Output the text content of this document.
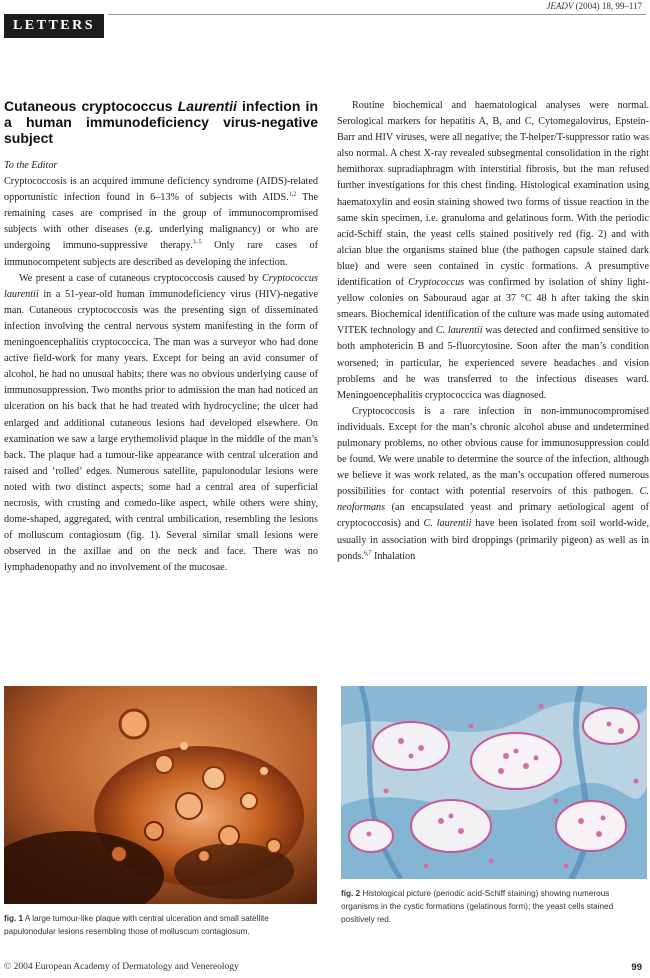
LETTERS
JEADV (2004) 18, 99–117
Cutaneous cryptococcus Laurentii infection in a human immunodeficiency virus-negative subject

To the Editor

Cryptococcosis is an acquired immune deficiency syndrome (AIDS)-related opportunistic infection found in 6–13% of subjects with AIDS.$^{1,2}$ The remaining cases are comprised in the group of immunocompromised subjects with other diseases (e.g. underlying malignancy) or who are undergoing immuno-suppressive therapy.$^{3-5}$ Only rare cases of immunocompetent subjects are described as developing the infection.

We present a case of cutaneous cryptococcosis caused by Cryptococcus laurentii in a 51-year-old human immunodeficiency virus (HIV)-negative man. Cutaneous cryptococcosis was the presenting sign of disseminated infection involving the central nervous system manifesting in the form of meningoencephalitis cryptococcica. The man was a surveyor who had done active field-work for many years. Except for being an avid consumer of alcohol, he had no unusual habits; there was no obvious underlying cause of immunosuppression. Two months prior to admission the man had noticed an ulceration on his back that he had treated with hydrocycline; the ulcer had enlarged and additional cutaneous lesions had developed elsewhere. On examination we saw a large erythemolivid plaque in the middle of the man’s back. The plaque had a tumour-like appearance with central ulceration and raised and ‘rolled’ edges. Numerous satellite, papulonodular lesions were noted with two distinct aspects; some had a central area of superficial necrosis, with crusting and comedo-like aspect, while others were shiny, dome-shaped, aggregated, with central umbilication, resembling the lesions of molluscum contagiosum (fig. 1). Several similar small lesions were observed in the axillae and on the neck and face. There was no lymphadenopathy and no involvement of the mucosae.

Routine biochemical and haematological analyses were normal. Serological markers for hepatitis A, B, and C, Cytomegalovirus, Epstein-Barr and HIV viruses, were all negative; the T-helper/T-suppressor ratio was also normal. A chest X-ray revealed subsegmental consolidation in the right hemithorax supradiaphragm with interstitial fibrosis, but the man refused further investigations for this chest finding. Histological examination using haematoxylin and eosin staining showed two forms of tissue reaction in the same skin specimen, i.e. granuloma and gelatinous form. With the periodic acid-Schiff stain, the yeast cells stained positively red (fig. 2) and with alcian blue the organisms stained blue (the pathogen capsule stained dark blue) and were seen contained in cystic formations. A presumptive identification of Cryptococcus was confirmed by isolation of shiny light-yellow colonies on Sabouraud agar at 37 °C 48 h after taking the skin smears. Biochemical identification of the culture was made using automated VITEK technology and C. laurentii was detected and confirmed sensitive to both amphotericin B and 5-fluorcytosine. Soon after the man’s condition worsened; in particular, he experienced severe headaches and vision problems and he was transferred to the infectious diseases ward. Meningoencephalitis cryptococcica was diagnosed.

Cryptococcosis is a rare infection in non-immunocompromised individuals. Except for the man’s chronic alcohol abuse and undetermined pulmonary problems, no other obvious cause for immunosuppression could be found. We were unable to determine the source of the infection, although we believe it was work related, as the man’s occupation offered numerous possibilities for contact with potential reservoirs of this pathogen. C. neoformans (an encapsulated yeast and primary aetiological agent of cryptococcosis) and C. laurentii have been isolated from soil world-wide, usually in association with bird droppings (primarily pigeon) as well as in ponds.$^{6,7}$ Inhalation

fig. 1 A large tumour-like plaque with central ulceration and small satellite papulonodular lesions resembling those of molluscum contagiosum.
fig. 2 Histological picture (periodic acid-Schiff staining) showing numerous organisms in the cystic formations (gelatinous form); the yeast cells stained positively red.
© 2004 European Academy of Dermatology and Venereology	99
